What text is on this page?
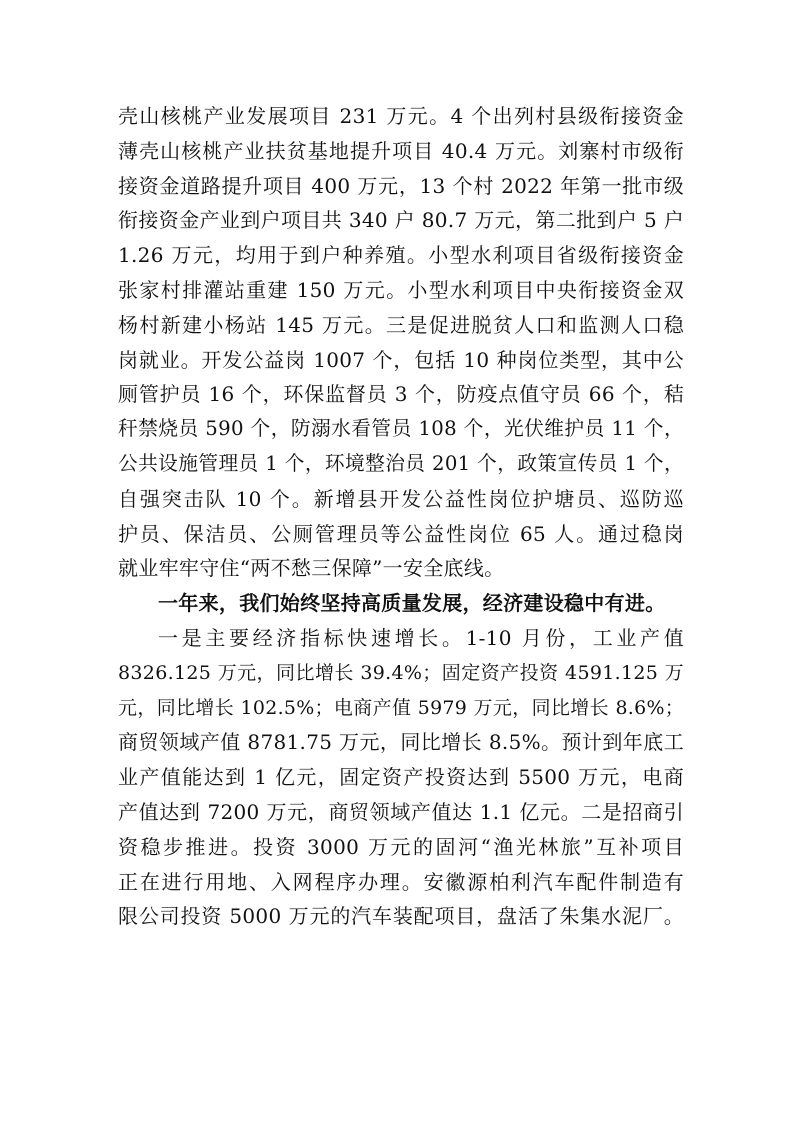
壳山核桃产业发展项目 231 万元。4 个出列村县级衔接资金
薄壳山核桃产业扶贫基地提升项目 40.4 万元。刘寨村市级衔
接资金道路提升项目 400 万元，13 个村 2022 年第一批市级
衔接资金产业到户项目共 340 户 80.7 万元，第二批到户 5 户
1.26 万元，均用于到户种养殖。小型水利项目省级衔接资金
张家村排灌站重建 150 万元。小型水利项目中央衔接资金双
杨村新建小杨站 145 万元。三是促进脱贫人口和监测人口稳
岗就业。开发公益岗 1007 个，包括 10 种岗位类型，其中公
厕管护员 16 个，环保监督员 3 个，防疫点值守员 66 个，秸
秆禁烧员 590 个，防溺水看管员 108 个，光伏维护员 11 个，
公共设施管理员 1 个，环境整治员 201 个，政策宣传员 1 个，
自强突击队 10 个。新增县开发公益性岗位护塘员、巡防巡
护员、保洁员、公厕管理员等公益性岗位 65 人。通过稳岗
就业牢牢守住“两不愁三保障”一安全底线。
一年来，我们始终坚持高质量发展，经济建设稳中有进。
一是主要经济指标快速增长。1-10 月份，工业产值
8326.125 万元，同比增长 39.4%；固定资产投资 4591.125 万
元，同比增长 102.5%；电商产值 5979 万元，同比增长 8.6%；
商贸领域产值 8781.75 万元，同比增长 8.5%。预计到年底工
业产值能达到 1 亿元，固定资产投资达到 5500 万元，电商
产值达到 7200 万元，商贸领域产值达 1.1 亿元。二是招商引
资稳步推进。投资 3000 万元的固河“渔光林旅”互补项目
正在进行用地、入网程序办理。安徽源柏利汽车配件制造有
限公司投资 5000 万元的汽车装配项目，盘活了朱集水泥厂。
